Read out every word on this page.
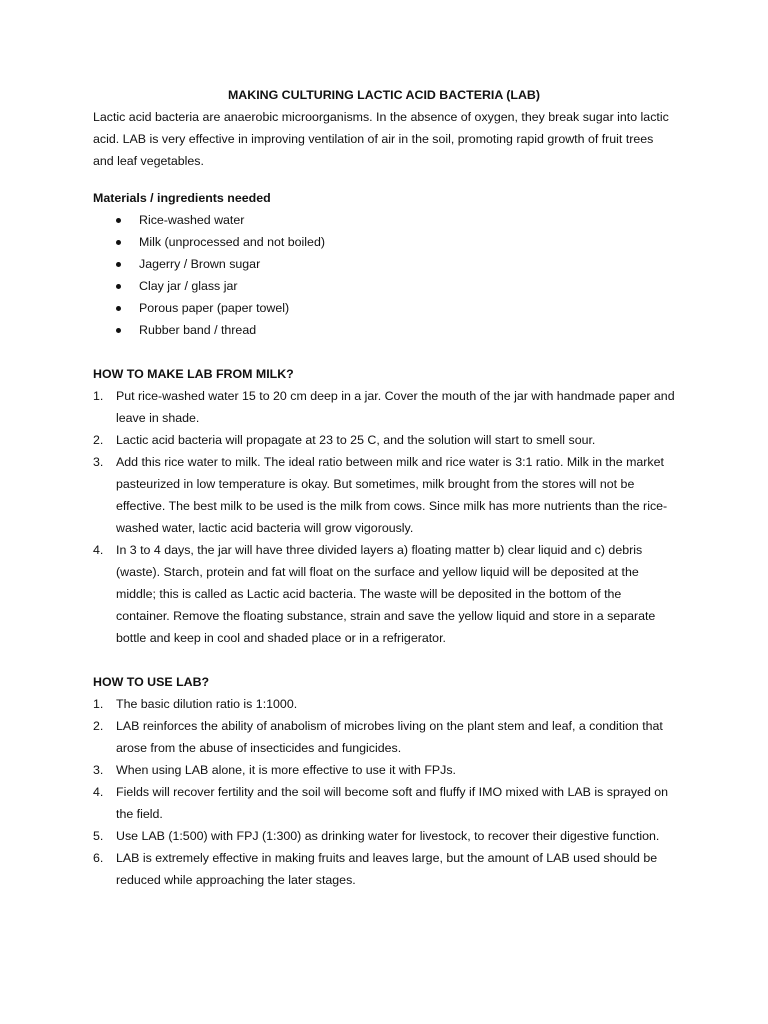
MAKING CULTURING LACTIC ACID BACTERIA (LAB)

Lactic acid bacteria are anaerobic microorganisms. In the absence of oxygen, they break sugar into lactic acid. LAB is very effective in improving ventilation of air in the soil, promoting rapid growth of fruit trees and leaf vegetables.

Materials / ingredients needed
Rice-washed water
Milk (unprocessed and not boiled)
Jagerry / Brown sugar
Clay jar / glass jar
Porous paper (paper towel)
Rubber band / thread
HOW TO MAKE LAB FROM MILK?
1. Put rice-washed water 15 to 20 cm deep in a jar. Cover the mouth of the jar with handmade paper and leave in shade.
2. Lactic acid bacteria will propagate at 23 to 25 C, and the solution will start to smell sour.
3. Add this rice water to milk. The ideal ratio between milk and rice water is 3:1 ratio. Milk in the market pasteurized in low temperature is okay. But sometimes, milk brought from the stores will not be effective. The best milk to be used is the milk from cows. Since milk has more nutrients than the rice-washed water, lactic acid bacteria will grow vigorously.
4. In 3 to 4 days, the jar will have three divided layers a) floating matter b) clear liquid and c) debris (waste). Starch, protein and fat will float on the surface and yellow liquid will be deposited at the middle; this is called as Lactic acid bacteria. The waste will be deposited in the bottom of the container. Remove the floating substance, strain and save the yellow liquid and store in a separate bottle and keep in cool and shaded place or in a refrigerator.
HOW TO USE LAB?
1. The basic dilution ratio is 1:1000.
2. LAB reinforces the ability of anabolism of microbes living on the plant stem and leaf, a condition that arose from the abuse of insecticides and fungicides.
3. When using LAB alone, it is more effective to use it with FPJs.
4. Fields will recover fertility and the soil will become soft and fluffy if IMO mixed with LAB is sprayed on the field.
5. Use LAB (1:500) with FPJ (1:300) as drinking water for livestock, to recover their digestive function.
6. LAB is extremely effective in making fruits and leaves large, but the amount of LAB used should be reduced while approaching the later stages.
